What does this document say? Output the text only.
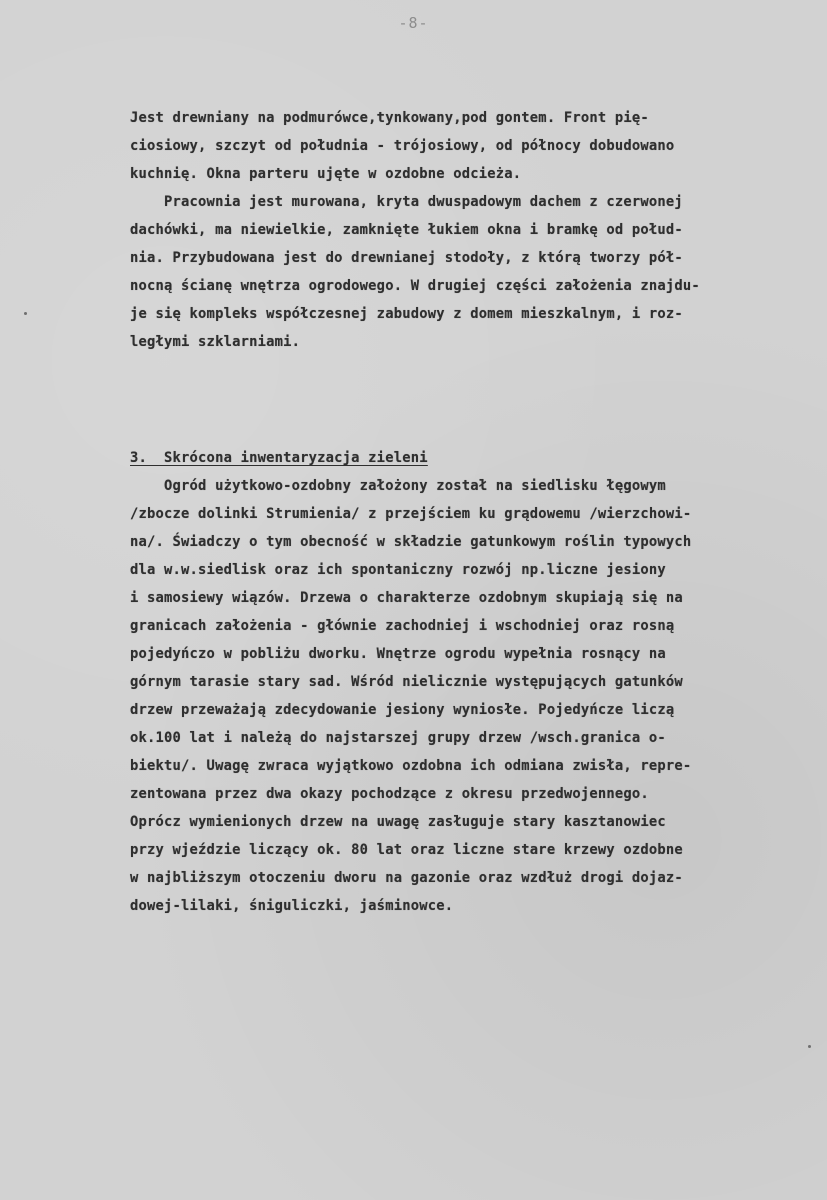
-8-
Jest drewniany na podmurówce,tynkowany,pod gontem. Front pię-
ciosiowy, szczyt od południa - trójosiowy, od północy dobudowano
kuchnię. Okna parteru ujęte w ozdobne odcieża.
Pracownia jest murowana, kryta dwuspadowym dachem z czerwonej
dachówki, ma niewielkie, zamknięte łukiem okna i bramkę od połud-
nia. Przybudowana jest do drewnianej stodoły, z którą tworzy pół-
nocną ścianę wnętrza ogrodowego. W drugiej części założenia znajdu-
je się kompleks współczesnej zabudowy z domem mieszkalnym, i roz-
ległymi szklarniami.
3.  Skrócona inwentaryzacja zieleni
Ogród użytkowo-ozdobny założony został na siedlisku łęgowym
/zbocze dolinki Strumienia/ z przejściem ku grądowemu /wierzchowi-
na/. Świadczy o tym obecność w składzie gatunkowym roślin typowych
dla w.w.siedlisk oraz ich spontaniczny rozwój np.liczne jesiony
i samosiewy wiązów. Drzewa o charakterze ozdobnym skupiają się na
granicach założenia - głównie zachodniej i wschodniej oraz rosną
pojedyńczo w pobliżu dworku. Wnętrze ogrodu wypełnia rosnący na
górnym tarasie stary sad. Wśród nielicznie występujących gatunków
drzew przeważają zdecydowanie jesiony wyniosłe. Pojedyńcze liczą
ok.100 lat i należą do najstarszej grupy drzew /wsch.granica o-
biektu/. Uwagę zwraca wyjątkowo ozdobna ich odmiana zwisła, repre-
zentowana przez dwa okazy pochodzące z okresu przedwojennego.
Oprócz wymienionych drzew na uwagę zasługuje stary kasztanowiec
przy wjeździe liczący ok. 80 lat oraz liczne stare krzewy ozdobne
w najbliższym otoczeniu dworu na gazonie oraz wzdłuż drogi dojaz-
dowej-lilaki, śniguliczki, jaśminowce.
